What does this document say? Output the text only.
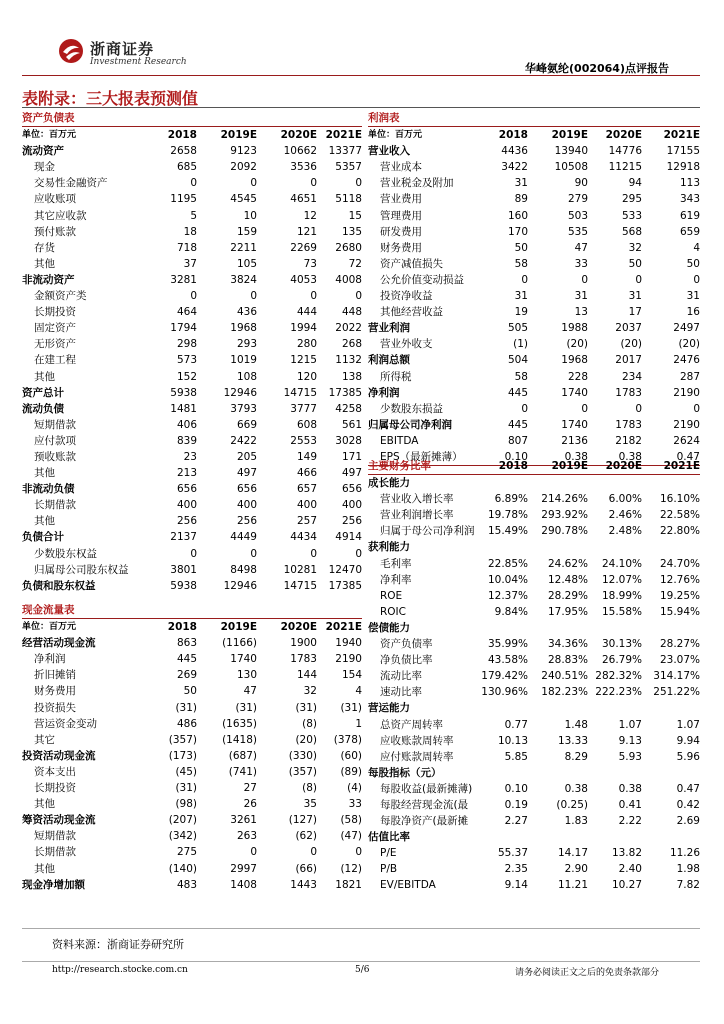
浙商证券
Investment Research	华峰氨纶(002064)点评报告
表附录：三大报表预测值
资产负债表
单位：百万元	2018	2019E	2020E 2021E
流动资产	2658	9123	10662	13377
现金	685	2092	3536	5357
交易性金融资产	0	0	0	0
应收账项	1195	4545	4651	5118
其它应收款	5	10	12	15
预付账款	18	159	121	135
存货	718	2211	2269	2680
其他	37	105	73	72
非流动资产	3281	3824	4053	4008
金额资产类	0	0	0	0
长期投资	464	436	444	448
固定资产	1794	1968	1994	2022
无形资产	298	293	280	268
在建工程	573	1019	1215	1132
其他	152	108	120	138
资产总计	5938	12946	14715	17385
流动负债	1481	3793	3777	4258
短期借款	406	669	608	561
应付款项	839	2422	2553	3028
预收账款	23	205	149	171
其他	213	497	466	497
非流动负债	656	656	657	656
长期借款	400	400	400	400
其他	256	256	257	256
负债合计	2137	4449	4434	4914
少数股东权益	0	0	0	0
归属母公司股东权益	3801	8498	10281	12470
负债和股东权益	5938	12946	14715	17385
现金流量表
单位：百万元	2018	2019E	2020E 2021E
经营活动现金流	863	(1166)	1900	1940
净利润	445	1740	1783	2190
折旧摊销	269	130	144	154
财务费用	50	47	32	4
投资损失	(31)	(31)	(31)	(31)
营运资金变动	486	(1635)	(8)	1
其它	(357)	(1418)	(20)	(378)
投资活动现金流	(173)	(687)	(330)	(60)
资本支出	(45)	(741)	(357)	(89)
长期投资	(31)	27	(8)	(4)
其他	(98)	26	35	33
筹资活动现金流	(207)	3261	(127)	(58)
短期借款	(342)	263	(62)	(47)
长期借款	275	0	0	0
其他	(140)	2997	(66)	(12)
现金净增加额	483	1408	1443	1821
利润表
单位：百万元	2018	2019E	2020E	2021E
营业收入	4436	13940	14776	17155
营业成本	3422	10508	11215	12918
营业税金及附加	31	90	94	113
营业费用	89	279	295	343
管理费用	160	503	533	619
研发费用	170	535	568	659
财务费用	50	47	32	4
资产减值损失	58	33	50	50
公允价值变动损益	0	0	0	0
投资净收益	31	31	31	31
其他经营收益	19	13	17	16
营业利润	505	1988	2037	2497
营业外收支	(1)	(20)	(20)	(20)
利润总额	504	1968	2017	2476
所得税	58	228	234	287
净利润	445	1740	1783	2190
少数股东损益	0	0	0	0
归属母公司净利润	445	1740	1783	2190
EBITDA	807	2136	2182	2624
EPS（最新摊薄）	0.10	0.38	0.38	0.47
主要财务比率	2018	2019E	2020E	2021E
成长能力
营业收入增长率	6.89%	214.26%	6.00%	16.10%
营业利润增长率	19.78%	293.92%	2.46%	22.58%
归属于母公司净利润	15.49%	290.78%	2.48%	22.80%
获利能力
毛利率	22.85%	24.62%	24.10%	24.70%
净利率	10.04%	12.48%	12.07%	12.76%
ROE	12.37%	28.29%	18.99%	19.25%
ROIC	9.84%	17.95%	15.58%	15.94%
偿债能力
资产负债率	35.99%	34.36%	30.13%	28.27%
净负债比率	43.58%	28.83%	26.79%	23.07%
流动比率	179.42%	240.51% 282.32%	314.17%
速动比率	130.96%	182.23% 222.23%	251.22%
营运能力
总资产周转率	0.77	1.48	1.07	1.07
应收账款周转率	10.13	13.33	9.13	9.94
应付账款周转率	5.85	8.29	5.93	5.96
每股指标（元）
每股收益(最新摊薄)	0.10	0.38	0.38	0.47
每股经营现金流(最	0.19	(0.25)	0.41	0.42
每股净资产(最新摊	2.27	1.83	2.22	2.69
估值比率
P/E	55.37	14.17	13.82	11.26
P/B	2.35	2.90	2.40	1.98
EV/EBITDA	9.14	11.21	10.27	7.82
资料来源：浙商证券研究所
http://research.stocke.com.cn	5/6	请务必阅读正文之后的免责条款部分
